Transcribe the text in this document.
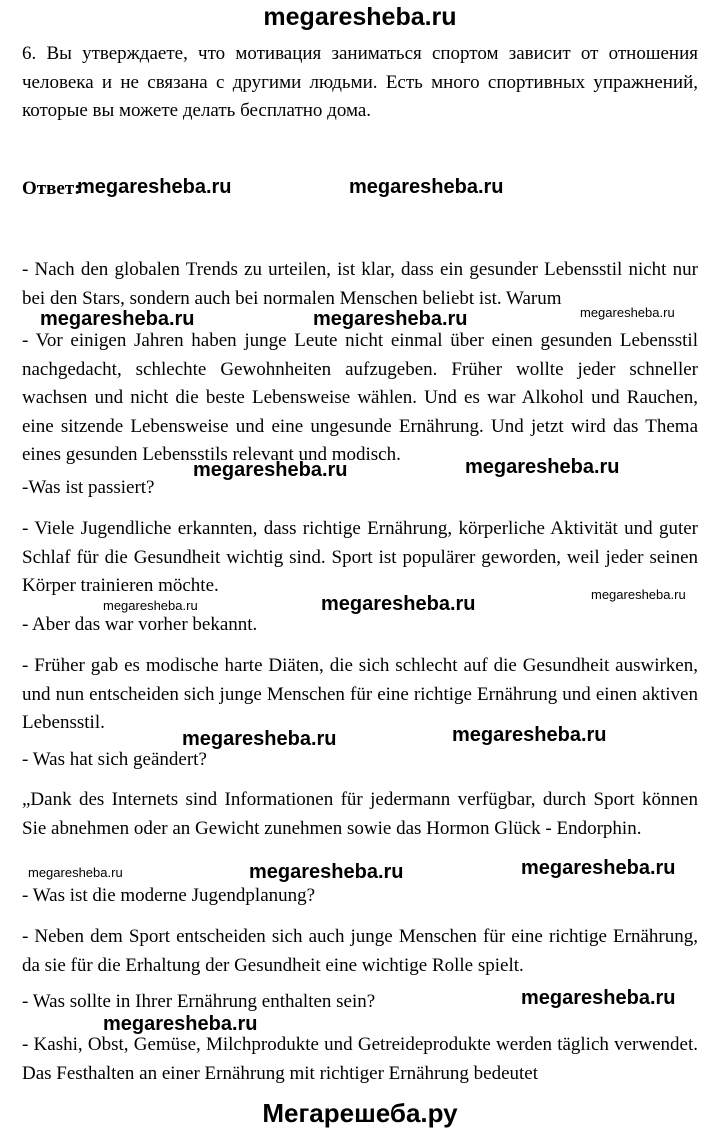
megaresheba.ru

6. Вы утверждаете, что мотивация заниматься спортом зависит от отношения человека и не связана с другими людьми. Есть много спортивных упражнений, которые вы можете делать бесплатно дома.

Ответ:

- Nach den globalen Trends zu urteilen, ist klar, dass ein gesunder Lebensstil nicht nur bei den Stars, sondern auch bei normalen Menschen beliebt ist. Warum

- Vor einigen Jahren haben junge Leute nicht einmal über einen gesunden Lebensstil nachgedacht, schlechte Gewohnheiten aufzugeben. Früher wollte jeder schneller wachsen und nicht die beste Lebensweise wählen. Und es war Alkohol und Rauchen, eine sitzende Lebensweise und eine ungesunde Ernährung. Und jetzt wird das Thema eines gesunden Lebensstils relevant und modisch.

-Was ist passiert?

- Viele Jugendliche erkannten, dass richtige Ernährung, körperliche Aktivität und guter Schlaf für die Gesundheit wichtig sind. Sport ist populärer geworden, weil jeder seinen Körper trainieren möchte.

- Aber das war vorher bekannt.

- Früher gab es modische harte Diäten, die sich schlecht auf die Gesundheit auswirken, und nun entscheiden sich junge Menschen für eine richtige Ernährung und einen aktiven Lebensstil.

- Was hat sich geändert?

„Dank des Internets sind Informationen für jedermann verfügbar, durch Sport können Sie abnehmen oder an Gewicht zunehmen sowie das Hormon Glück - Endorphin.

- Was ist die moderne Jugendplanung?

- Neben dem Sport entscheiden sich auch junge Menschen für eine richtige Ernährung, da sie für die Erhaltung der Gesundheit eine wichtige Rolle spielt.

- Was sollte in Ihrer Ernährung enthalten sein?

- Kashi, Obst, Gemüse, Milchprodukte und Getreideprodukte werden täglich verwendet. Das Festhalten an einer Ernährung mit richtiger Ernährung bedeutet

megaresheba.ru	megaresheba.ru
megaresheba.ru	megaresheba.ru
megaresheba.ru	megaresheba.ru
megaresheba.ru
megaresheba.ru	megaresheba.ru
megaresheba.ru	megaresheba.ru
megaresheba.ru
megaresheba.ru
megaresheba.ru
megaresheba.ru
megaresheba.ru
megaresheba.ru
Мегарешеба.ру
